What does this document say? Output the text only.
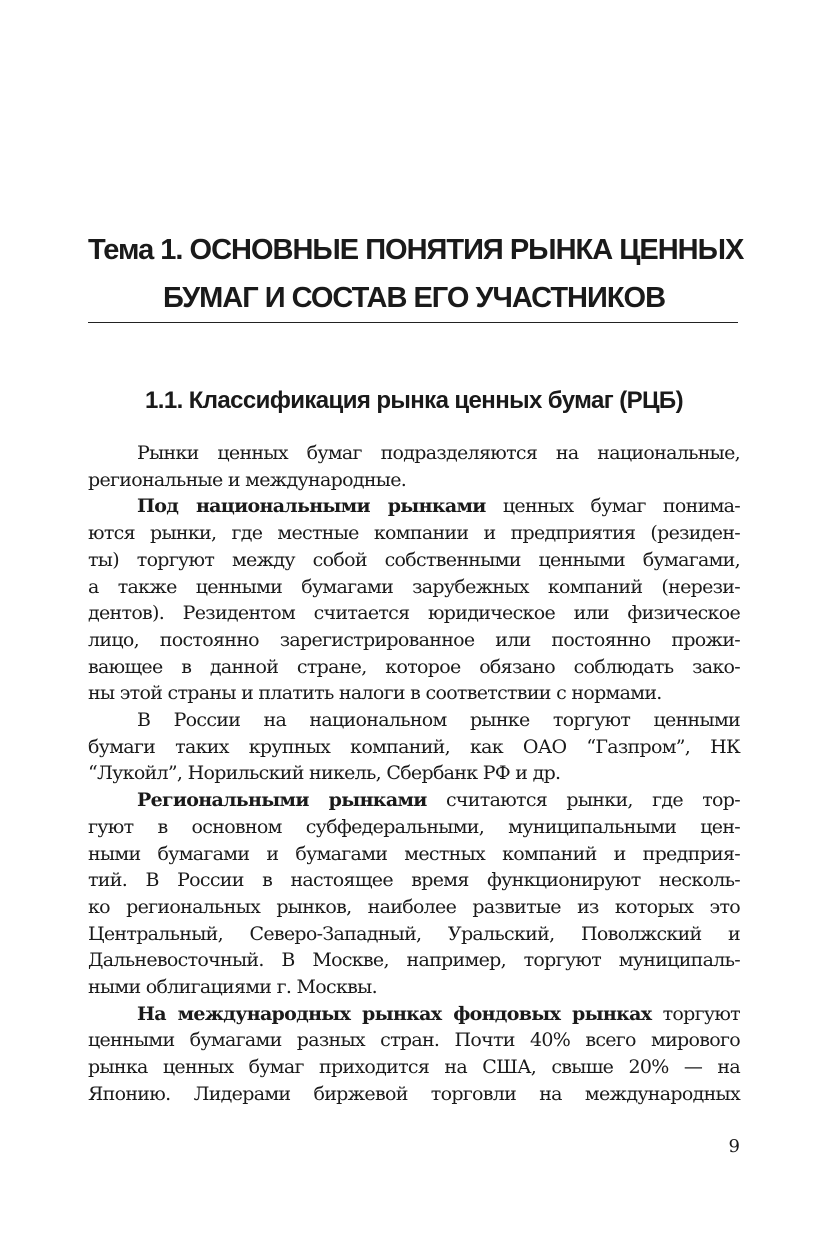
Тема 1. ОСНОВНЫЕ ПОНЯТИЯ РЫНКА ЦЕННЫХ
БУМАГ И СОСТАВ ЕГО УЧАСТНИКОВ
1.1. Классификация рынка ценных бумаг (РЦБ)
Рынки ценных бумаг подразделяются на национальные,
региональные и международные.
Под национальными рынками ценных бумаг понима-
ются рынки, где местные компании и предприятия (резиден-
ты) торгуют между собой собственными ценными бумагами,
а также ценными бумагами зарубежных компаний (нерези-
дентов). Резидентом считается юридическое или физическое
лицо, постоянно зарегистрированное или постоянно прожи-
вающее в данной стране, которое обязано соблюдать зако-
ны этой страны и платить налоги в соответствии с нормами.
В России на национальном рынке торгуют ценными
бумаги таких крупных компаний, как ОАО “Газпром”, НК
“Лукойл”, Норильский никель, Сбербанк РФ и др.
Региональными рынками считаются рынки, где тор-
гуют в основном субфедеральными, муниципальными цен-
ными бумагами и бумагами местных компаний и предприя-
тий. В России в настоящее время функционируют несколь-
ко региональных рынков, наиболее развитые из которых это
Центральный, Северо-Западный, Уральский, Поволжский и
Дальневосточный. В Москве, например, торгуют муниципаль-
ными облигациями г. Москвы.
На международных рынках фондовых рынках торгуют
ценными бумагами разных стран. Почти 40% всего мирового
рынка ценных бумаг приходится на США, свыше 20% — на
Японию. Лидерами биржевой торговли на международных
9
